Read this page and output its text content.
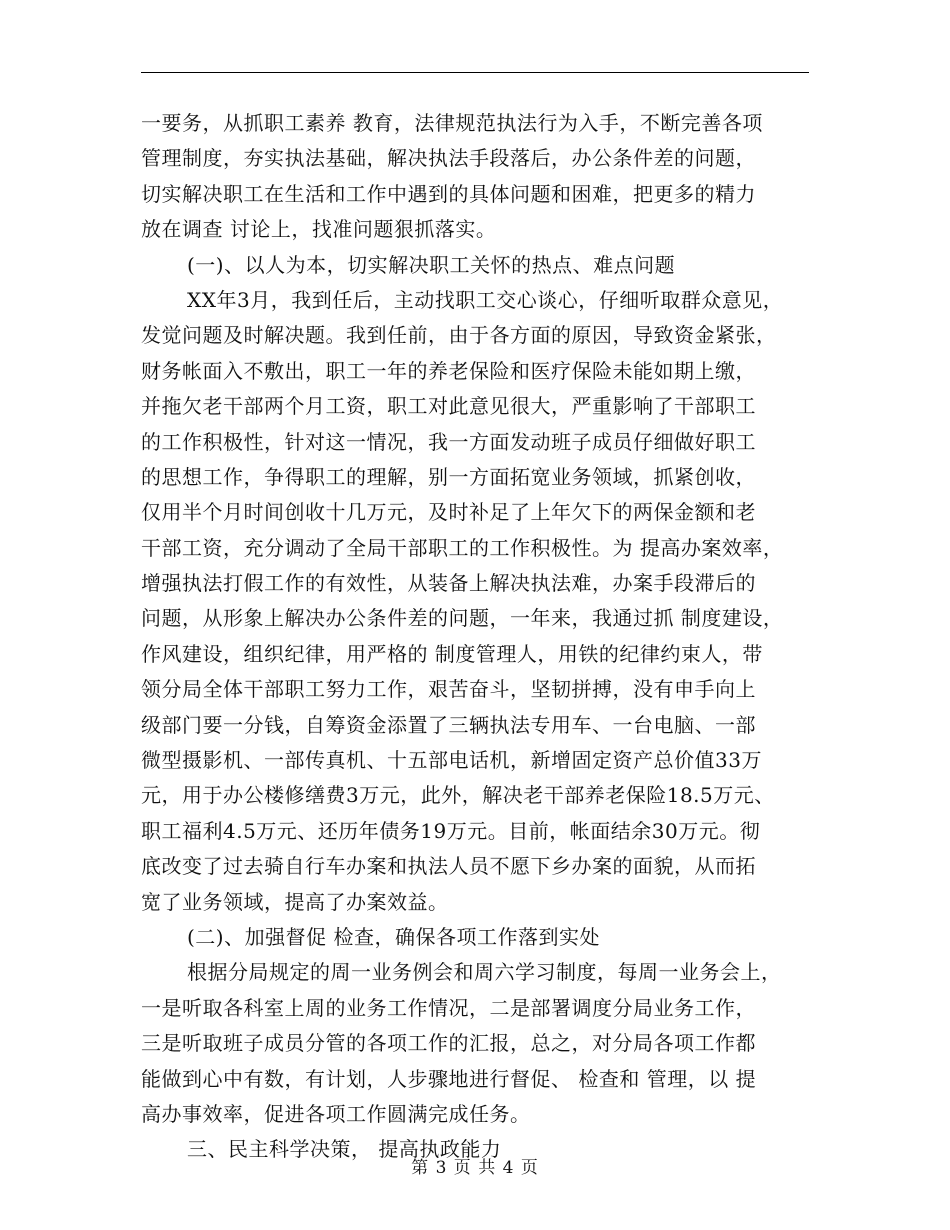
一要务，从抓职工素养 教育，法律规范执法行为入手，不断完善各项
管理制度，夯实执法基础，解决执法手段落后，办公条件差的问题，
切实解决职工在生活和工作中遇到的具体问题和困难，把更多的精力
放在调查 讨论上，找准问题狠抓落实。
(一)、以人为本，切实解决职工关怀的热点、难点问题
XX年3月，我到任后，主动找职工交心谈心，仔细听取群众意见，
发觉问题及时解决题。我到任前，由于各方面的原因，导致资金紧张，
财务帐面入不敷出，职工一年的养老保险和医疗保险未能如期上缴，
并拖欠老干部两个月工资，职工对此意见很大，严重影响了干部职工
的工作积极性，针对这一情况，我一方面发动班子成员仔细做好职工
的思想工作，争得职工的理解，别一方面拓宽业务领域，抓紧创收，
仅用半个月时间创收十几万元，及时补足了上年欠下的两保金额和老
干部工资，充分调动了全局干部职工的工作积极性。为 提高办案效率，
增强执法打假工作的有效性，从装备上解决执法难，办案手段滞后的
问题，从形象上解决办公条件差的问题，一年来，我通过抓 制度建设，
作风建设，组织纪律，用严格的 制度管理人，用铁的纪律约束人，带
领分局全体干部职工努力工作，艰苦奋斗，坚韧拼搏，没有申手向上
级部门要一分钱，自筹资金添置了三辆执法专用车、一台电脑、一部
微型摄影机、一部传真机、十五部电话机，新增固定资产总价值33万
元，用于办公楼修缮费3万元，此外，解决老干部养老保险18.5万元、
职工福利4.5万元、还历年债务19万元。目前，帐面结余30万元。彻
底改变了过去骑自行车办案和执法人员不愿下乡办案的面貌，从而拓
宽了业务领域，提高了办案效益。
(二)、加强督促 检查，确保各项工作落到实处
根据分局规定的周一业务例会和周六学习制度，每周一业务会上，
一是听取各科室上周的业务工作情况，二是部署调度分局业务工作，
三是听取班子成员分管的各项工作的汇报，总之，对分局各项工作都
能做到心中有数，有计划，人步骤地进行督促、 检查和 管理，以 提
高办事效率，促进各项工作圆满完成任务。
三、民主科学决策， 提高执政能力
第 3 页 共 4 页
